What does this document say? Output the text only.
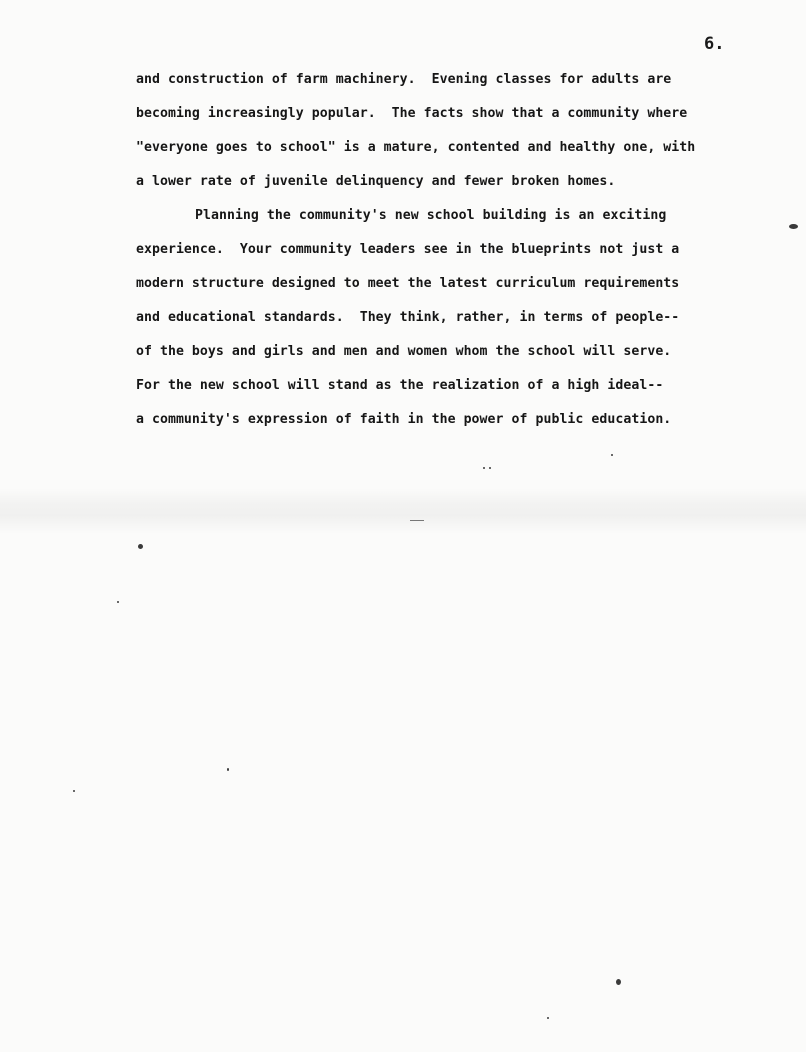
6.

and construction of farm machinery.  Evening classes for adults are

becoming increasingly popular.  The facts show that a community where

"everyone goes to school" is a mature, contented and healthy one, with

a lower rate of juvenile delinquency and fewer broken homes.

Planning the community's new school building is an exciting

experience.  Your community leaders see in the blueprints not just a

modern structure designed to meet the latest curriculum requirements

and educational standards.  They think, rather, in terms of people--

of the boys and girls and men and women whom the school will serve.

For the new school will stand as the realization of a high ideal--

a community's expression of faith in the power of public education.
